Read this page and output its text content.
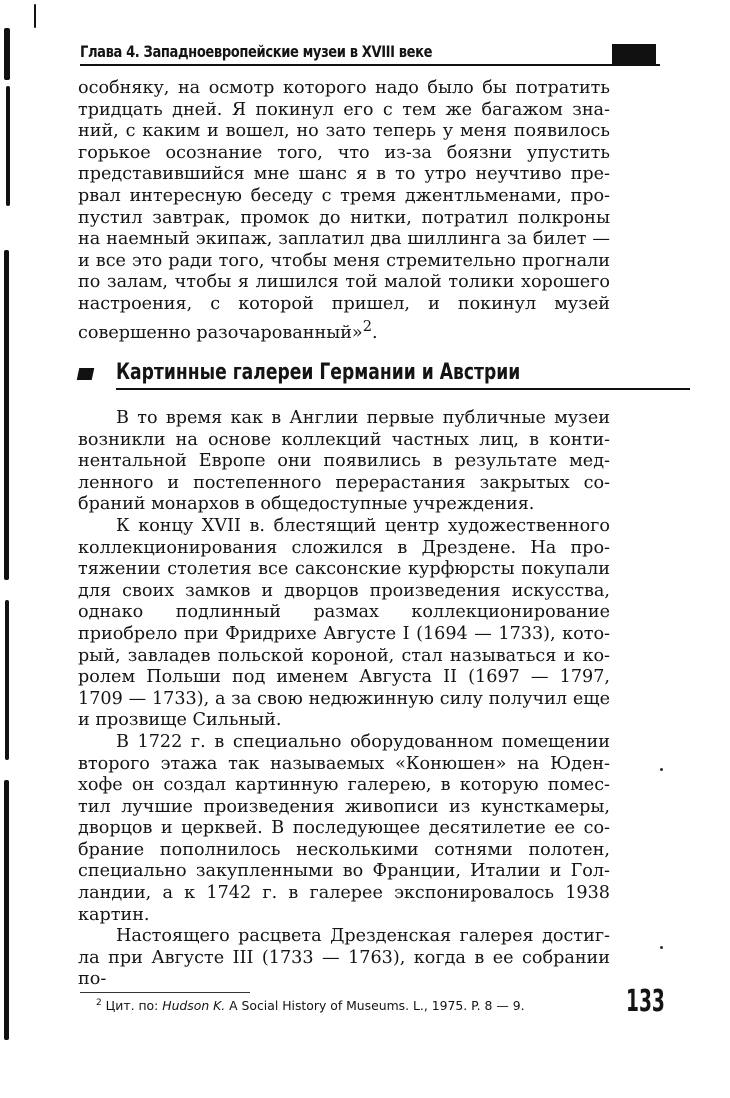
Глава 4. Западноевропейские музеи в XVIII веке

особняку, на осмотр которого надо было бы потратить тридцать дней. Я покинул его с тем же багажом знаний, с каким и вошел, но зато теперь у меня появилось горькое осознание того, что из-за боязни упустить представившийся мне шанс я в то утро неучтиво прервал интересную беседу с тремя джентльменами, пропустил завтрак, промок до нитки, потратил полкроны на наемный экипаж, заплатил два шиллинга за билет — и все это ради того, чтобы меня стремительно прогнали по залам, чтобы я лишился той малой толики хорошего настроения, с которой пришел, и покинул музей совершенно разочарованный»$^2$.

Картинные галереи Германии и Австрии

В то время как в Англии первые публичные музеи возникли на основе коллекций частных лиц, в континентальной Европе они появились в результате медленного и постепенного перерастания закрытых собраний монархов в общедоступные учреждения.

К концу XVII в. блестящий центр художественного коллекционирования сложился в Дрездене. На протяжении столетия все саксонские курфюрсты покупали для своих замков и дворцов произведения искусства, однако подлинный размах коллекционирование приобрело при Фридрихе Августе I (1694 — 1733), который, завладев польской короной, стал называться и королем Польши под именем Августа II (1697 — 1797, 1709 — 1733), а за свою недюжинную силу получил еще и прозвище Сильный.

В 1722 г. в специально оборудованном помещении второго этажа так называемых «Конюшен» на Юденхофе он создал картинную галерею, в которую поместил лучшие произведения живописи из кунсткамеры, дворцов и церквей. В последующее десятилетие ее собрание пополнилось несколькими сотнями полотен, специально закупленными во Франции, Италии и Голландии, а к 1742 г. в галерее экспонировалось 1938 картин.

Настоящего расцвета Дрезденская галерея достигла при Августе III (1733 — 1763), когда в ее собрании по-

$^2$ Цит. по: Hudson K. A Social History of Museums. L., 1975. P. 8 — 9.	133
